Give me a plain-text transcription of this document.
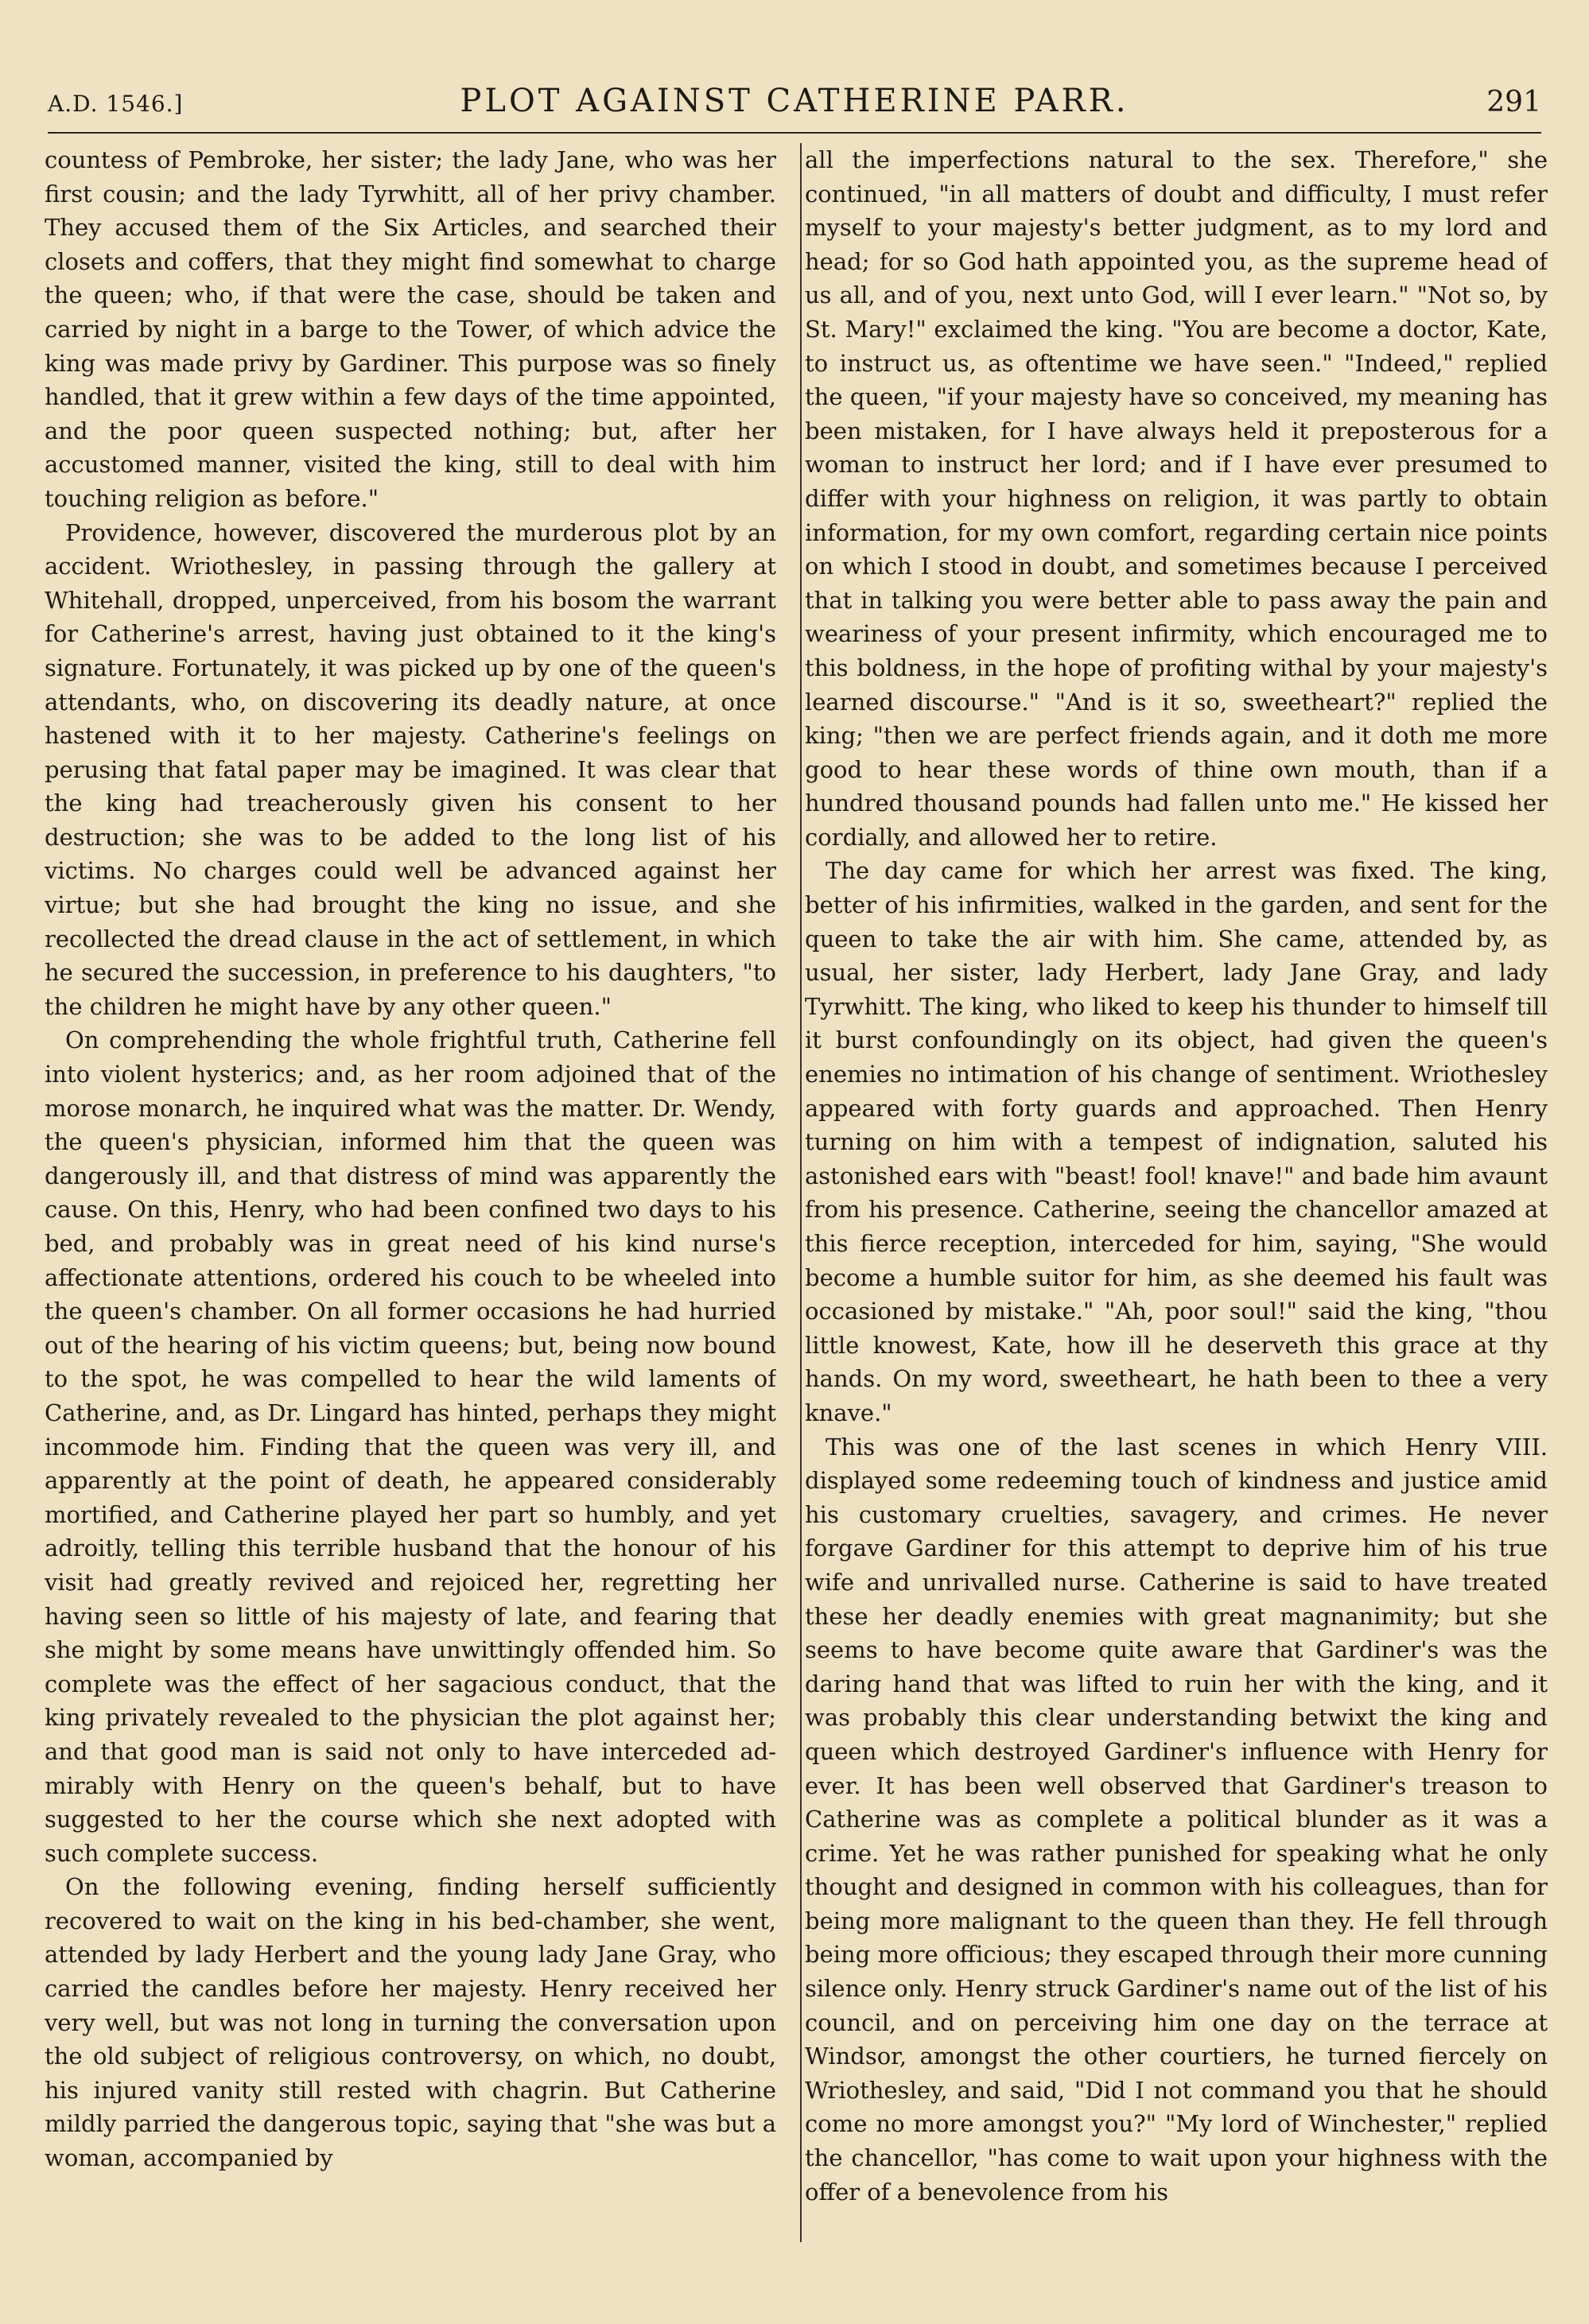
A.D. 1546.]	PLOT AGAINST CATHERINE PARR.	291

countess of Pembroke, her sister; the lady Jane, who was her first cousin; and the lady Tyrwhitt, all of her privy chamber. They accused them of the Six Articles, and searched their closets and coffers, that they might find somewhat to charge the queen; who, if that were the case, should be taken and carried by night in a barge to the Tower, of which advice the king was made privy by Gardiner. This purpose was so finely handled, that it grew within a few days of the time appointed, and the poor queen suspected nothing; but, after her accustomed manner, visited the king, still to deal with him touching religion as before."

Providence, however, discovered the murderous plot by an accident. Wriothesley, in passing through the gallery at Whitehall, dropped, unperceived, from his bosom the warrant for Catherine's arrest, having just obtained to it the king's signature. Fortunately, it was picked up by one of the queen's attendants, who, on discovering its deadly nature, at once hastened with it to her majesty. Catherine's feelings on perusing that fatal paper may be imagined. It was clear that the king had treacherously given his consent to her destruction; she was to be added to the long list of his victims. No charges could well be advanced against her virtue; but she had brought the king no issue, and she recollected the dread clause in the act of settlement, in which he secured the succession, in preference to his daughters, "to the children he might have by any other queen."

On comprehending the whole frightful truth, Catherine fell into violent hysterics; and, as her room adjoined that of the morose monarch, he inquired what was the matter. Dr. Wendy, the queen's physician, informed him that the queen was dangerously ill, and that distress of mind was apparently the cause. On this, Henry, who had been confined two days to his bed, and probably was in great need of his kind nurse's affectionate attentions, ordered his couch to be wheeled into the queen's chamber. On all former occasions he had hurried out of the hearing of his victim queens; but, being now bound to the spot, he was compelled to hear the wild laments of Catherine, and, as Dr. Lingard has hinted, perhaps they might incommode him. Finding that the queen was very ill, and apparently at the point of death, he appeared considerably mortified, and Catherine played her part so humbly, and yet adroitly, telling this terrible husband that the honour of his visit had greatly revived and rejoiced her, regretting her having seen so little of his majesty of late, and fearing that she might by some means have unwittingly offended him. So complete was the effect of her sagacious conduct, that the king privately revealed to the physician the plot against her; and that good man is said not only to have interceded admirably with Henry on the queen's behalf, but to have suggested to her the course which she next adopted with such complete success.

On the following evening, finding herself sufficiently recovered to wait on the king in his bed-chamber, she went, attended by lady Herbert and the young lady Jane Gray, who carried the candles before her majesty. Henry received her very well, but was not long in turning the conversation upon the old subject of religious controversy, on which, no doubt, his injured vanity still rested with chagrin. But Catherine mildly parried the dangerous topic, saying that "she was but a woman, accompanied by

all the imperfections natural to the sex. Therefore," she continued, "in all matters of doubt and difficulty, I must refer myself to your majesty's better judgment, as to my lord and head; for so God hath appointed you, as the supreme head of us all, and of you, next unto God, will I ever learn." "Not so, by St. Mary!" exclaimed the king. "You are become a doctor, Kate, to instruct us, as oftentime we have seen." "Indeed," replied the queen, "if your majesty have so conceived, my meaning has been mistaken, for I have always held it preposterous for a woman to instruct her lord; and if I have ever presumed to differ with your highness on religion, it was partly to obtain information, for my own comfort, regarding certain nice points on which I stood in doubt, and sometimes because I perceived that in talking you were better able to pass away the pain and weariness of your present infirmity, which encouraged me to this boldness, in the hope of profiting withal by your majesty's learned discourse." "And is it so, sweetheart?" replied the king; "then we are perfect friends again, and it doth me more good to hear these words of thine own mouth, than if a hundred thousand pounds had fallen unto me." He kissed her cordially, and allowed her to retire.

The day came for which her arrest was fixed. The king, better of his infirmities, walked in the garden, and sent for the queen to take the air with him. She came, attended by, as usual, her sister, lady Herbert, lady Jane Gray, and lady Tyrwhitt. The king, who liked to keep his thunder to himself till it burst confoundingly on its object, had given the queen's enemies no intimation of his change of sentiment. Wriothesley appeared with forty guards and approached. Then Henry turning on him with a tempest of indignation, saluted his astonished ears with "beast! fool! knave!" and bade him avaunt from his presence. Catherine, seeing the chancellor amazed at this fierce reception, interceded for him, saying, "She would become a humble suitor for him, as she deemed his fault was occasioned by mistake." "Ah, poor soul!" said the king, "thou little knowest, Kate, how ill he deserveth this grace at thy hands. On my word, sweetheart, he hath been to thee a very knave."

This was one of the last scenes in which Henry VIII. displayed some redeeming touch of kindness and justice amid his customary cruelties, savagery, and crimes. He never forgave Gardiner for this attempt to deprive him of his true wife and unrivalled nurse. Catherine is said to have treated these her deadly enemies with great magnanimity; but she seems to have become quite aware that Gardiner's was the daring hand that was lifted to ruin her with the king, and it was probably this clear understanding betwixt the king and queen which destroyed Gardiner's influence with Henry for ever. It has been well observed that Gardiner's treason to Catherine was as complete a political blunder as it was a crime. Yet he was rather punished for speaking what he only thought and designed in common with his colleagues, than for being more malignant to the queen than they. He fell through being more officious; they escaped through their more cunning silence only. Henry struck Gardiner's name out of the list of his council, and on perceiving him one day on the terrace at Windsor, amongst the other courtiers, he turned fiercely on Wriothesley, and said, "Did I not command you that he should come no more amongst you?" "My lord of Winchester," replied the chancellor, "has come to wait upon your highness with the offer of a benevolence from his
